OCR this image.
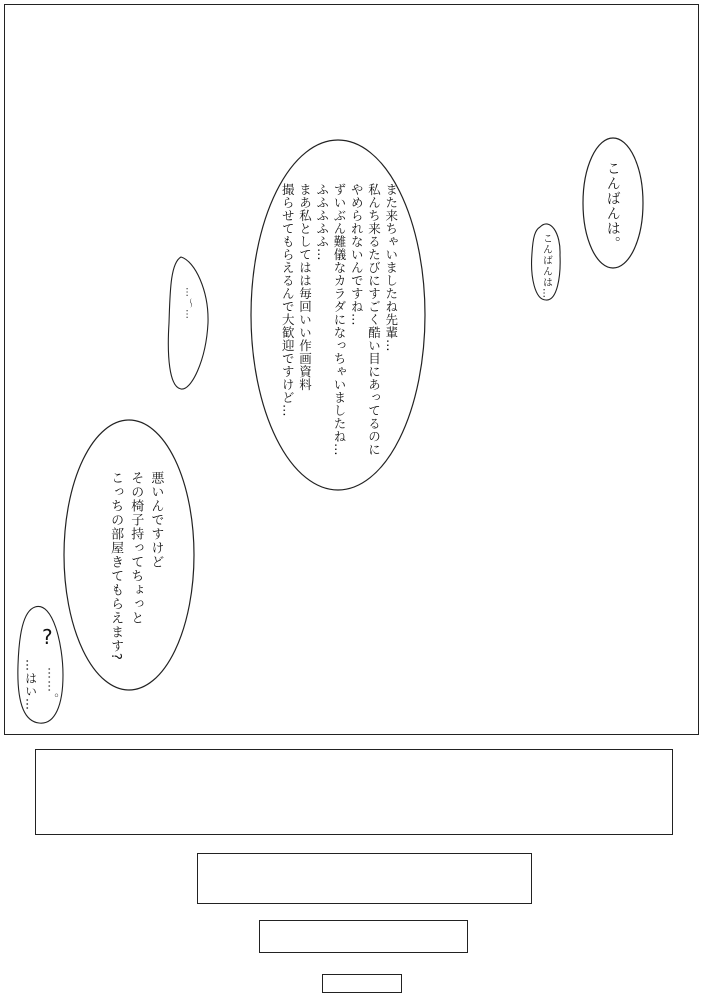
こんばんは。
こんばんは…
また来ちゃいましたね先輩…
私んち来るたびにすごく酷い目にあってるのに
やめられないんですね…
ずいぶん難儀なカラダになっちゃいましたね…
ふふふふふ…
まあ私としてはは毎回いい作画資料
撮らせてもらえるんで大歓迎ですけど…
…～…
悪いんですけど
その椅子持ってちょっと
こっちの部屋きてもらえます?
?
…はい… ……。
